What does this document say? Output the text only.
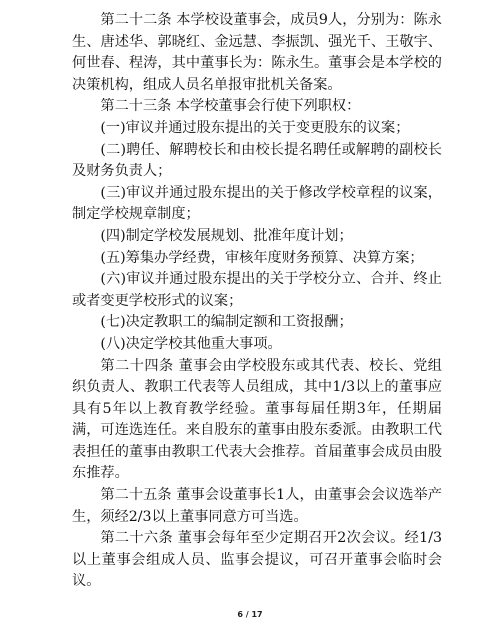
第二十二条 本学校设董事会，成员9人，分别为：陈永生、唐述华、郭晓红、金远慧、李振凯、强光千、王敬宇、何世春、程涛，其中董事长为：陈永生。董事会是本学校的决策机构，组成人员名单报审批机关备案。

第二十三条 本学校董事会行使下列职权：

(一)审议并通过股东提出的关于变更股东的议案；

(二)聘任、解聘校长和由校长提名聘任或解聘的副校长及财务负责人；

(三)审议并通过股东提出的关于修改学校章程的议案，制定学校规章制度；

(四)制定学校发展规划、批准年度计划；

(五)筹集办学经费，审核年度财务预算、决算方案；

(六)审议并通过股东提出的关于学校分立、合并、终止或者变更学校形式的议案；

(七)决定教职工的编制定额和工资报酬；

(八)决定学校其他重大事项。

第二十四条 董事会由学校股东或其代表、校长、党组织负责人、教职工代表等人员组成，其中1/3以上的董事应具有5年以上教育教学经验。董事每届任期3年，任期届满，可连选连任。来自股东的董事由股东委派。由教职工代表担任的董事由教职工代表大会推荐。首届董事会成员由股东推荐。

第二十五条 董事会设董事长1人，由董事会会议选举产生，须经2/3以上董事同意方可当选。

第二十六条 董事会每年至少定期召开2次会议。经1/3以上董事会组成人员、监事会提议，可召开董事会临时会议。

6 / 17
